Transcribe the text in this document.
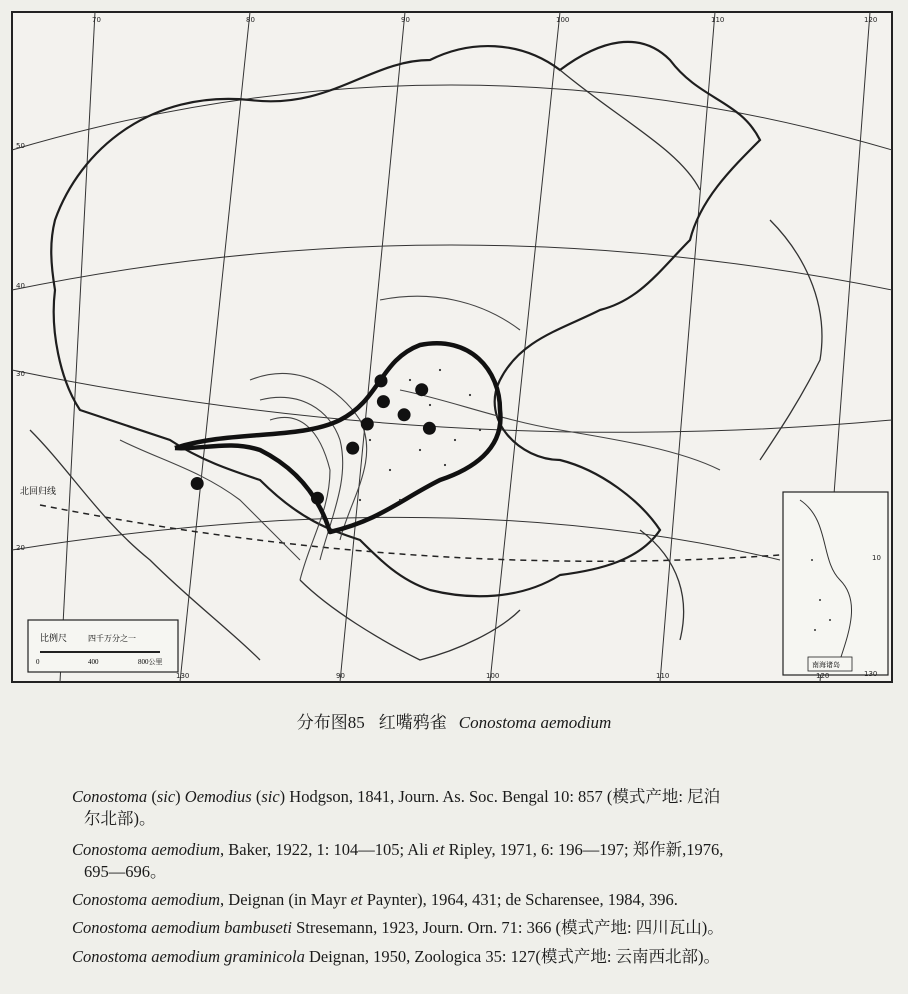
北回归线
比例尺	四千万分之一
0	400	800公里	南海诸岛
70	80	90	100	110	120
130	90	100	110	120	130
50
40
30
20
10
分布图85 红嘴鸦雀 Conostoma aemodium
Conostoma (sic) Oemodius (sic) Hodgson, 1841, Journ. As. Soc. Bengal 10: 857 (模式产地: 尼泊
尔北部)。
Conostoma aemodium, Baker, 1922, 1: 104—105; Ali et Ripley, 1971, 6: 196—197; 郑作新,1976,
695—696。
Conostoma aemodium, Deignan (in Mayr et Paynter), 1964, 431; de Scharensee, 1984, 396.
Conostoma aemodium bambuseti Stresemann, 1923, Journ. Orn. 71: 366 (模式产地: 四川瓦山)。
Conostoma aemodium graminicola Deignan, 1950, Zoologica 35: 127(模式产地: 云南西北部)。
